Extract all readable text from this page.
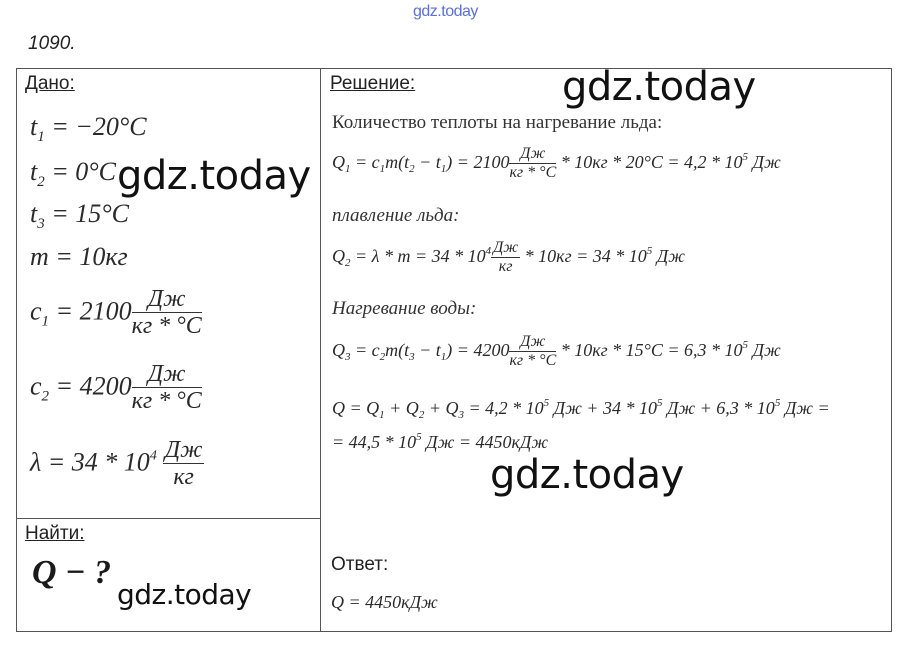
gdz.today
1090.
Дано:
$t_1 = -20^\circ C$
$t_2 = 0^\circ C$
$t_3 = 15^\circ C$
m = 10кг
$c_1 = 2100 \frac{Дж}{кг * ^\circ C}$
$c_2 = 4200 \frac{Дж}{кг * ^\circ C}$
$\lambda = 34 * 10^4 \frac{Дж}{кг}$
Найти:
Q − ?
Решение:
Количество теплоты на нагревание льда:
$Q_1 = c_1m(t_2 - t_1) = 2100 \frac{Дж}{кг * ^\circ C} * 10кг * 20^\circ C = 4,2 * 10^5$ Дж
плавление льда:
$Q_2 = \lambda * m = 34 * 10^4 \frac{Дж}{кг} * 10кг = 34 * 10^5$ Дж
Нагревание воды:
$Q_3 = c_2m(t_3 - t_1) = 4200 \frac{Дж}{кг * ^\circ C} * 10кг * 15^\circ C = 6,3 * 10^5$ Дж
$Q = Q_1 + Q_2 + Q_3 = 4,2 * 10^5$ Дж + $34 * 10^5$ Дж + $6,3 * 10^5$ Дж =
= $44,5 * 10^5$ Дж = 4450кДж
Ответ:
Q = 4450кДж
gdz.today
gdz.today
gdz.today
gdz.today
